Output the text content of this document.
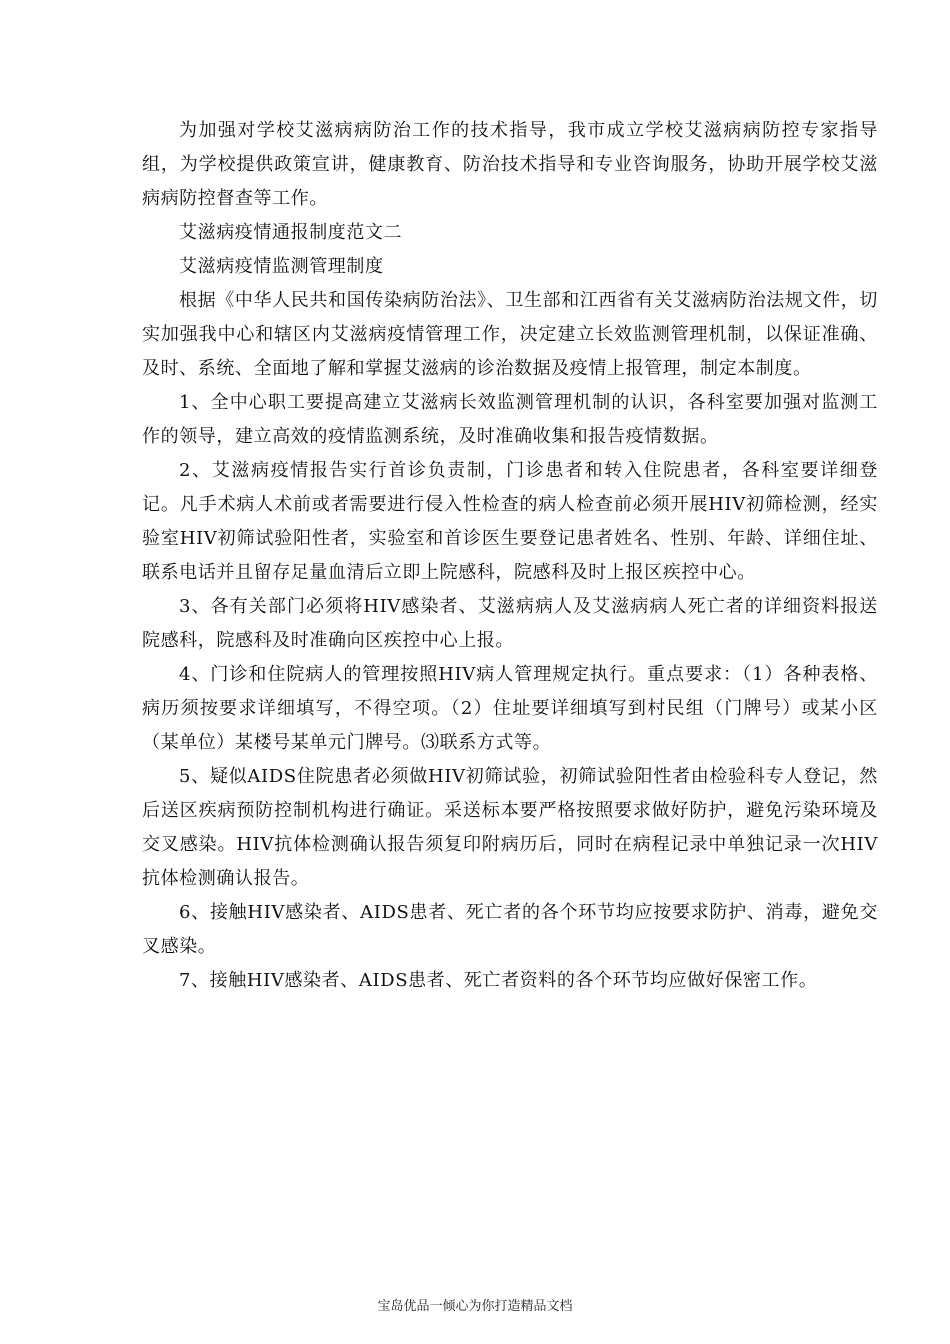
为加强对学校艾滋病病防治工作的技术指导，我市成立学校艾滋病病防控专家指导组，为学校提供政策宣讲，健康教育、防治技术指导和专业咨询服务，协助开展学校艾滋病病防控督查等工作。

艾滋病疫情通报制度范文二

艾滋病疫情监测管理制度

根据《中华人民共和国传染病防治法》、卫生部和江西省有关艾滋病防治法规文件，切实加强我中心和辖区内艾滋病疫情管理工作，决定建立长效监测管理机制，以保证准确、及时、系统、全面地了解和掌握艾滋病的诊治数据及疫情上报管理，制定本制度。

1、全中心职工要提高建立艾滋病长效监测管理机制的认识，各科室要加强对监测工作的领导，建立高效的疫情监测系统，及时准确收集和报告疫情数据。

2、艾滋病疫情报告实行首诊负责制，门诊患者和转入住院患者，各科室要详细登记。凡手术病人术前或者需要进行侵入性检查的病人检查前必须开展HIV初筛检测，经实验室HIV初筛试验阳性者，实验室和首诊医生要登记患者姓名、性别、年龄、详细住址、联系电话并且留存足量血清后立即上院感科，院感科及时上报区疾控中心。

3、各有关部门必须将HIV感染者、艾滋病病人及艾滋病病人死亡者的详细资料报送院感科，院感科及时准确向区疾控中心上报。

4、门诊和住院病人的管理按照HIV病人管理规定执行。重点要求：（1）各种表格、病历须按要求详细填写，不得空项。（2）住址要详细填写到村民组（门牌号）或某小区（某单位）某楼号某单元门牌号。⑶联系方式等。

5、疑似AIDS住院患者必须做HIV初筛试验，初筛试验阳性者由检验科专人登记，然后送区疾病预防控制机构进行确证。采送标本要严格按照要求做好防护，避免污染环境及交叉感染。HIV抗体检测确认报告须复印附病历后，同时在病程记录中单独记录一次HIV抗体检测确认报告。

6、接触HIV感染者、AIDS患者、死亡者的各个环节均应按要求防护、消毒，避免交叉感染。

7、接触HIV感染者、AIDS患者、死亡者资料的各个环节均应做好保密工作。

宝岛优品一倾心为你打造精品文档
